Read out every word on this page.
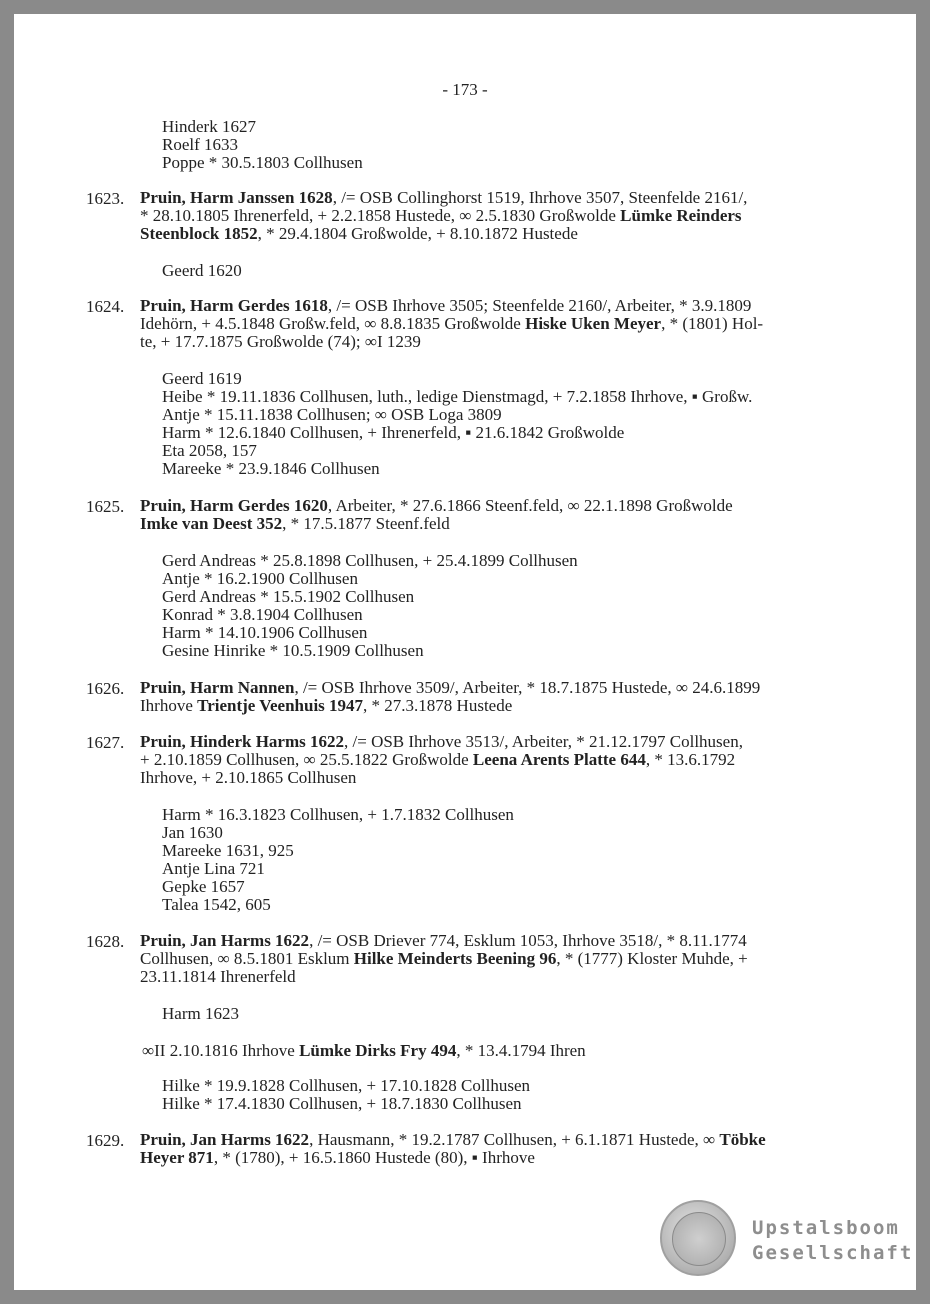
- 173 -
Hinderk 1627
Roelf 1633
Poppe * 30.5.1803 Collhusen
1623. Pruin, Harm Janssen 1628, /= OSB Collinghorst 1519, Ihrhove 3507, Steenfelde 2161/,
* 28.10.1805 Ihrenerfeld, + 2.2.1858 Hustede, ∞ 2.5.1830 Großwolde Lümke Reinders
Steenblock 1852, * 29.4.1804 Großwolde, + 8.10.1872 Hustede
Geerd 1620
1624. Pruin, Harm Gerdes 1618, /= OSB Ihrhove 3505; Steenfelde 2160/, Arbeiter, * 3.9.1809
Idehörn, + 4.5.1848 Großw.feld, ∞ 8.8.1835 Großwolde Hiske Uken Meyer, * (1801) Hol-
te, + 17.7.1875 Großwolde (74); ∞I 1239
Geerd 1619
Heibe * 19.11.1836 Collhusen, luth., ledige Dienstmagd, + 7.2.1858 Ihrhove, ▪ Großw.
Antje * 15.11.1838 Collhusen; ∞ OSB Loga 3809
Harm * 12.6.1840 Collhusen, + Ihrenerfeld, ▪ 21.6.1842 Großwolde
Eta 2058, 157
Mareeke * 23.9.1846 Collhusen
1625. Pruin, Harm Gerdes 1620, Arbeiter, * 27.6.1866 Steenf.feld, ∞ 22.1.1898 Großwolde
Imke van Deest 352, * 17.5.1877 Steenf.feld
Gerd Andreas * 25.8.1898 Collhusen, + 25.4.1899 Collhusen
Antje * 16.2.1900 Collhusen
Gerd Andreas * 15.5.1902 Collhusen
Konrad * 3.8.1904 Collhusen
Harm * 14.10.1906 Collhusen
Gesine Hinrike * 10.5.1909 Collhusen
1626. Pruin, Harm Nannen, /= OSB Ihrhove 3509/, Arbeiter, * 18.7.1875 Hustede, ∞ 24.6.1899
Ihrhove Trientje Veenhuis 1947, * 27.3.1878 Hustede
1627. Pruin, Hinderk Harms 1622, /= OSB Ihrhove 3513/, Arbeiter, * 21.12.1797 Collhusen,
+ 2.10.1859 Collhusen, ∞ 25.5.1822 Großwolde Leena Arents Platte 644, * 13.6.1792
Ihrhove, + 2.10.1865 Collhusen
Harm * 16.3.1823 Collhusen, + 1.7.1832 Collhusen
Jan 1630
Mareeke 1631, 925
Antje Lina 721
Gepke 1657
Talea 1542, 605
1628. Pruin, Jan Harms 1622, /= OSB Driever 774, Esklum 1053, Ihrhove 3518/, * 8.11.1774
Collhusen, ∞ 8.5.1801 Esklum Hilke Meinderts Beening 96, * (1777) Kloster Muhde, +
23.11.1814 Ihrenerfeld
Harm 1623
∞II 2.10.1816 Ihrhove Lümke Dirks Fry 494, * 13.4.1794 Ihren
Hilke * 19.9.1828 Collhusen, + 17.10.1828 Collhusen
Hilke * 17.4.1830 Collhusen, + 18.7.1830 Collhusen
1629. Pruin, Jan Harms 1622, Hausmann, * 19.2.1787 Collhusen, + 6.1.1871 Hustede, ∞ Töbke
Heyer 871, * (1780), + 16.5.1860 Hustede (80), ▪ Ihrhove
Upstalsboom
Gesellschaft
